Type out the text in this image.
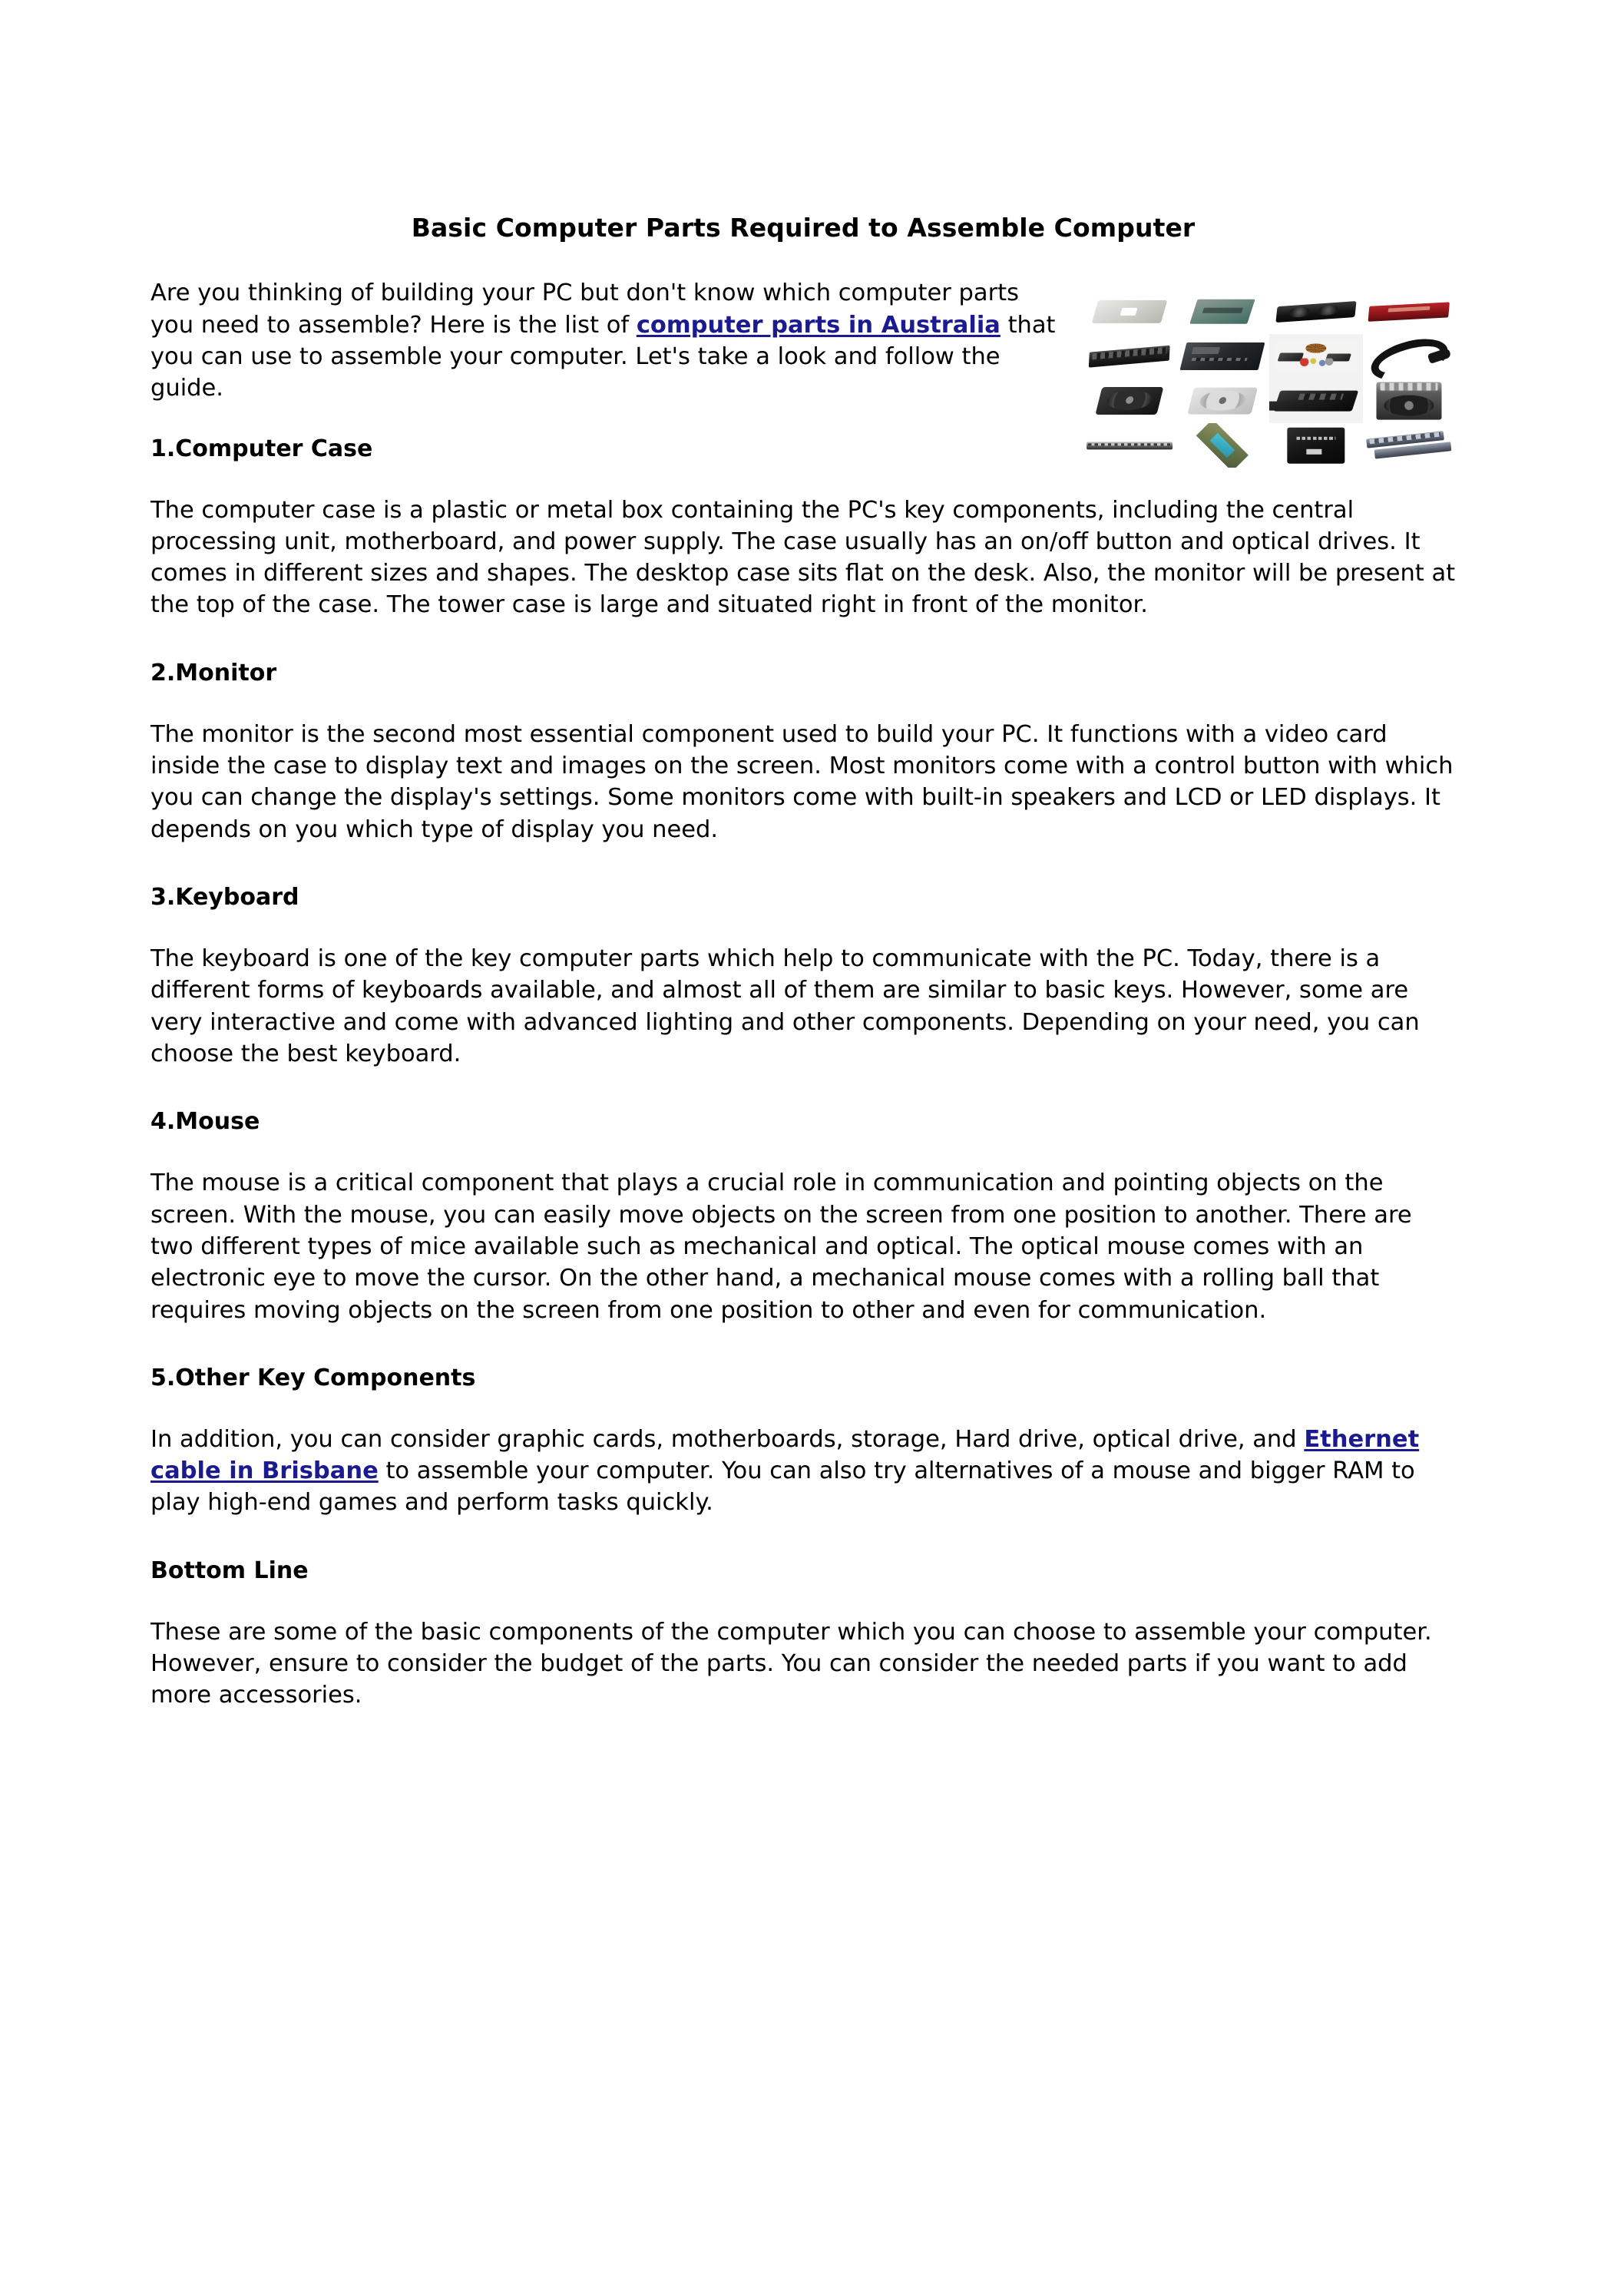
Basic Computer Parts Required to Assemble Computer

Are you thinking of building your PC but don't know which computer parts you need to assemble? Here is the list of computer parts in Australia that you can use to assemble your computer. Let's take a look and follow the guide.

1.Computer Case

The computer case is a plastic or metal box containing the PC's key components, including the central processing unit, motherboard, and power supply. The case usually has an on/off button and optical drives. It comes in different sizes and shapes. The desktop case sits flat on the desk. Also, the monitor will be present at the top of the case. The tower case is large and situated right in front of the monitor.

2.Monitor

The monitor is the second most essential component used to build your PC. It functions with a video card inside the case to display text and images on the screen. Most monitors come with a control button with which you can change the display's settings. Some monitors come with built-in speakers and LCD or LED displays. It depends on you which type of display you need.

3.Keyboard

The keyboard is one of the key computer parts which help to communicate with the PC. Today, there is a different forms of keyboards available, and almost all of them are similar to basic keys. However, some are very interactive and come with advanced lighting and other components. Depending on your need, you can choose the best keyboard.

4.Mouse

The mouse is a critical component that plays a crucial role in communication and pointing objects on the screen. With the mouse, you can easily move objects on the screen from one position to another. There are two different types of mice available such as mechanical and optical. The optical mouse comes with an electronic eye to move the cursor. On the other hand, a mechanical mouse comes with a rolling ball that requires moving objects on the screen from one position to other and even for communication.

5.Other Key Components

In addition, you can consider graphic cards, motherboards, storage, Hard drive, optical drive, and Ethernet cable in Brisbane to assemble your computer. You can also try alternatives of a mouse and bigger RAM to play high-end games and perform tasks quickly.

Bottom Line

These are some of the basic components of the computer which you can choose to assemble your computer. However, ensure to consider the budget of the parts. You can consider the needed parts if you want to add more accessories.
